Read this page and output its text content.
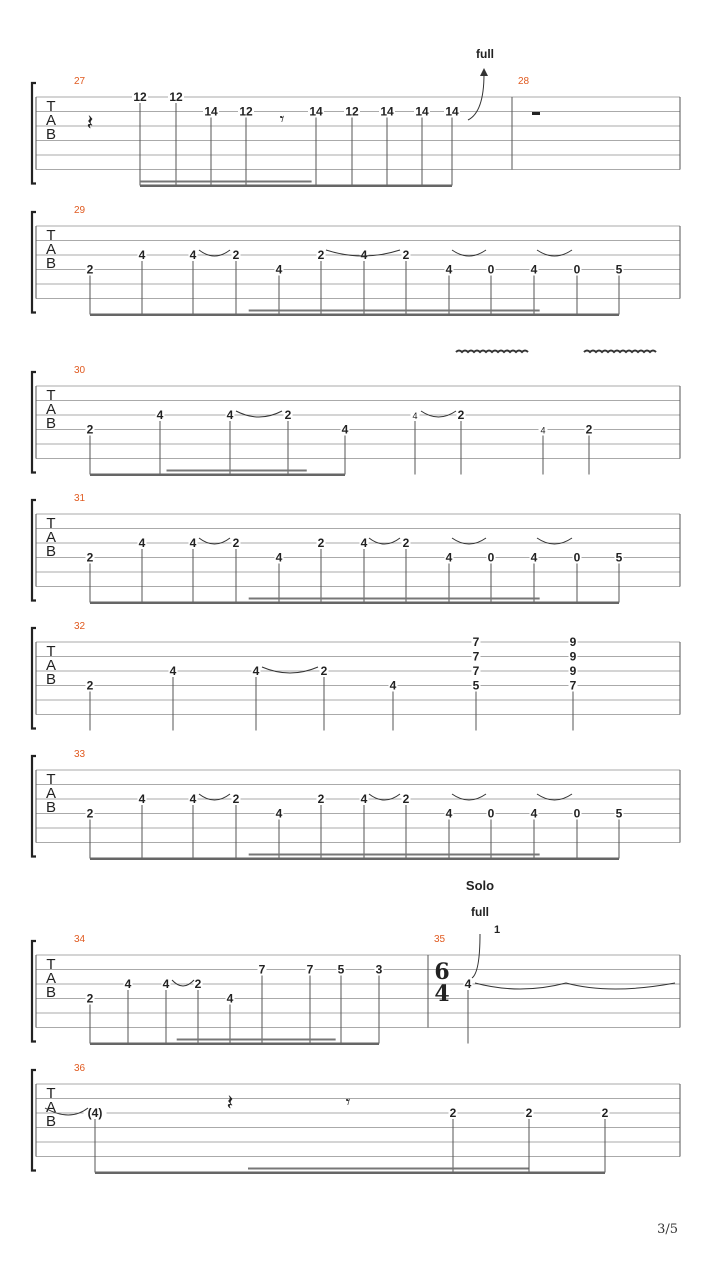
T
A
B
27
12 12
14 12	14 12 14 14 14
28
full
T
A
B
29
2
4	4	2
4
2	4	2
4	0	4	0	5
T
A
B
30
2
4	4	2
4
4	2
4	2
T
A
B
31
2
4	4	2
4
2	4	2
4	0	4	0	5
T
A
B
32
2
4	4	2
4
7
7
7
5
9
9
9
7
T
A
B
33
2
4	4	2
4
2	4	2
4	0	4	0	5
T
A
B
34
2
4	4 2
4
7	7 5	3
35
6
4 4
Solo
full
1
T
A
B
36
(4)	2	2	2
𝄽	𝄾
𝄽	𝄾
3/5
